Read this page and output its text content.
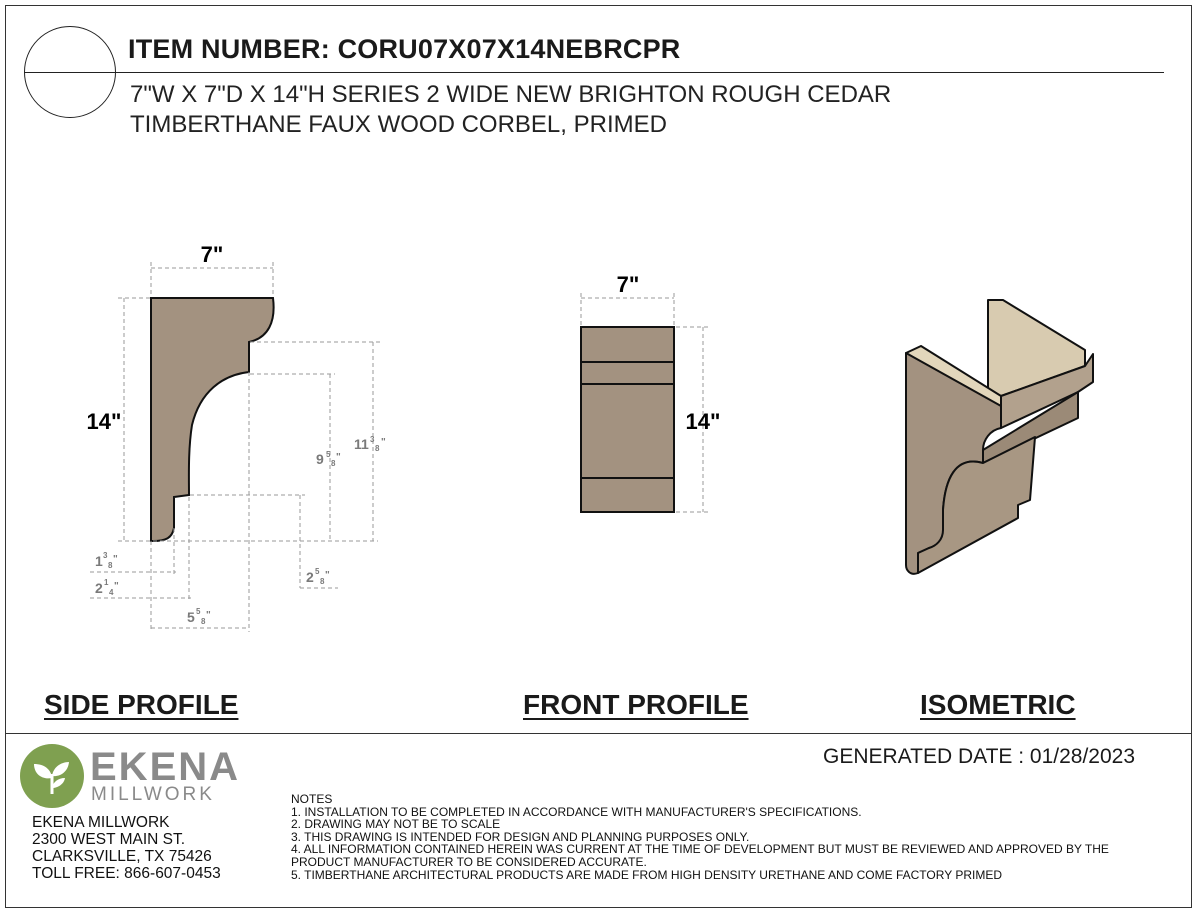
ITEM NUMBER: CORU07X07X14NEBRCPR
7"W X 7"D X 14"H SERIES 2 WIDE NEW BRIGHTON ROUGH CEDAR
TIMBERTHANE FAUX WOOD CORBEL, PRIMED
7"
14"
9 5
8
"
11 3
8
"
1 3
8
"
2 1
4
"
2 5
8
"
5 5
8
"
7"
14"
SIDE PROFILE	FRONT PROFILE	ISOMETRIC
GENERATED DATE : 01/28/2023
EKENA
MILLWORK
EKENA MILLWORK
2300 WEST MAIN ST.
CLARKSVILLE, TX 75426
TOLL FREE: 866-607-0453
NOTES
1. INSTALLATION TO BE COMPLETED IN ACCORDANCE WITH MANUFACTURER'S SPECIFICATIONS.
2. DRAWING MAY NOT BE TO SCALE
3. THIS DRAWING IS INTENDED FOR DESIGN AND PLANNING PURPOSES ONLY.
4. ALL INFORMATION CONTAINED HEREIN WAS CURRENT AT THE TIME OF DEVELOPMENT BUT MUST BE REVIEWED AND APPROVED BY THE
PRODUCT MANUFACTURER TO BE CONSIDERED ACCURATE.
5. TIMBERTHANE ARCHITECTURAL PRODUCTS ARE MADE FROM HIGH DENSITY URETHANE AND COME FACTORY PRIMED
